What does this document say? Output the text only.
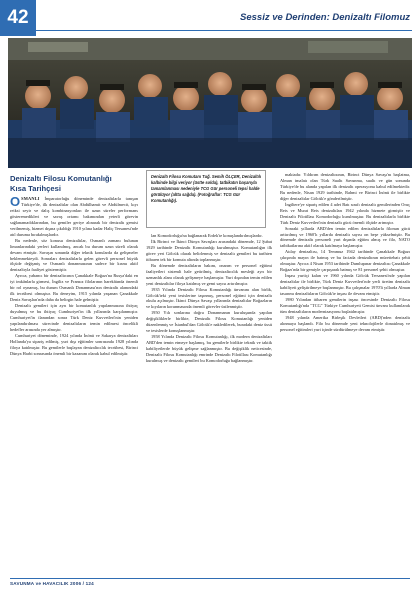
42	Sessiz ve Derinden: Denizaltı Filomuz
Denizaltı Filosu Komutanlığı
Kısa Tarihçesi
Denizaltı Filosu Komutanı Tuğ. Semih ÖLÇER, Denizaltılı kalbinde bilgi veriyor (üstte solda), tatbikatın başarıyla tamamlanması nedeniyle TCG Gür personeli tepsi halde görülüyor (altta sağda). (Fotoğraflar: TCG Gür Komutanlığı).

OSMANLI İmparatorluğu döneminde denizaltılarla tanışan Türkiye'de, ilk denizaltılar olan Abdülhamit ve Abdülmecit, kıyı reiksi seyir ve dalış kombinasyonları ile uzun süreler performans gösteremedikleri ve savaş ortamı bakımından yeterli görevin sağlanamadıklarından, bu gemiler geriye alınarak bir denizaltı gemisi verilmemiş, hizmet dışına çıkıldığı 1910 yılına kadar Haliç Tersanesi'nde atıl duruma bırakılmışlardır.

Bu nedenle, söz konusu denizaltılar, Osmanlı zamanı bulunan limanlarındaki yerleri kullanılmış, ancak bu durum uzun süreli olarak devam etmiştir. Savaşın sonunda diğer teknik konularda da gelişmeler beklenmekteydi. Sonraları denizaltılarla gelen görevli personel büyük ölçüde değişmiş ve Osmanlı donanmasının sadece bir kısmı aktif denizaltıyla faaliyet göstermiştir.

Ayrıca, yabancı bir denizaltıcının Çanakkale Boğazı'na Rusya'daki en iyi imkânlarla girmesi, İngiliz ve Fransız filolarının harekâtında önemli bir rol oynamış, bu durum Osmanlı Donanması'nın denizaltı alanındaki ilk tecrübesi olmuştur. Bu deneyim, 1915 yılında yaşanan Çanakkale Deniz Savaşları'nda daha da belirgin hale gelmiştir.

Denizaltı gemileri için ayrı bir komutanlık yapılanmasına ihtiyaç duyulmuş ve bu ihtiyaç Cumhuriyet'in ilk yıllarında karşılanmıştır. Cumhuriyet'in ilanından sonra Türk Deniz Kuvvetleri'nin yeniden yapılandırılması sürecinde denizaltıların temin edilmesi öncelikli hedefler arasında yer almıştır.

Cumhuriyet döneminde, 1924 yılında İnönü ve Sakarya denizaltıları Hollanda'ya sipariş edilmiş, yurt dışı eğitimler sonrasında 1928 yılında filoya katılmıştır. Bu gemilerle başlayan denizaltıcılık tecrübesi, Birinci Dünya Harbi sonrasında önemli bir kazanım olarak kabul edilmiştir.

lan Komodorluğu'na bağlanarak Erdek'te konuşlandırılmışlardır.

İlk Birinci ve İkinci Dünya Savaşları arasındaki dönemde, 12 Şubat 1929 tarihinde Denizaltı Komutanlığı kurulmuştur. Komutanlığın ilk görev yeri Gölcük olarak belirlenmiş ve denizaltı gemileri bu tarihten itibaren tek bir komuta altında toplanmıştır.

Bu dönemde denizaltıların bakım, onarım ve personel eğitimi faaliyetleri sistemli hale getirilmiş, denizaltıcılık mesleği ayrı bir uzmanlık alanı olarak gelişmeye başlamıştır. Yurt dışından temin edilen yeni denizaltılar filoya katılmış ve gemi sayısı artırılmıştır.

1935 Yılında Denizaltı Filosu Komutanlığı ünvanını alan birlik, Gölcük'teki yeni tesislerine taşınmış, personel eğitimi için denizaltı okulu açılmıştır. İkinci Dünya Savaşı yıllarında denizaltılar Boğazların ve kıyıların korunmasında önemli görevler üstlenmiştir.

1950 Yılı sonlarına doğru Donanmanın kuruluşunda yapılan değişikliklerle birlikte, Denizaltı Filosu Komutanlığı yeniden düzenlenmiş ve İstanbul'dan Gölcük'e nakledilerek, buradaki deniz üssü ve tesislerde konuşlanmıştır.

1958 Yılında Denizaltı Filosu Komutanlığı, ilk modern denizaltıları ABD'den temin etmeye başlamış, bu gemilerle birlikte teknik ve taktik kabiliyetlerde büyük gelişme sağlanmıştır. Bu değişiklik neticesinde, Denizaltı Filosu Komutanlığı emrinde Denizaltı Filotillası Komutanlığı kurulmuş ve denizaltı gemileri bu Komodorluğa bağlanmıştır.

maktadır. Yıldırım denizaltısının, Birinci Dünya Savaşı'nı başlatma, Alman imalatı olan Türk Sualtı Savunma, sualtı ve gün sonunda Türkiye'de bu alanda yapılan ilk denizaltı operasyonu kabul edilmektedir. Bu nedenle, Nisan 1929 tarihinde, Rahmi ve Birinci İnönü ile birlikte diğer denizaltılar Gölcük'e gönderilmiştir.

İngiltere'ye sipariş edilen 4 adet Batı sınıfı denizaltı gemilerinden Oruç Reis ve Murat Reis denizaltıları 1942 yılında hizmete girmiştir ve Denizaltı Filotillası Komodorluğu kurulmuştur. Bu denizaltılarla birlikte Türk Deniz Kuvvetleri'nin denizaltı gücü önemli ölçüde artmıştır.

Sonraki yıllarda ABD'den temin edilen denizaltılarla filonun gücü arttırılmış ve 1960'lı yıllarda denizaltı sayısı on beşe yükselmiştir. Bu dönemde denizaltı personeli yurt dışında eğitim almış ve filo, NATO tatbikatlarına aktif olarak katılmaya başlamıştır.

Atılay denizaltısı, 14 Temmuz 1942 tarihinde Çanakkale Boğazı çıkışında mayın ile batmış ve bu faciada denizaltının mürettebatı şehit olmuştur. Ayrıca 4 Nisan 1953 tarihinde Dumlupınar denizaltısı Çanakkale Boğazı'nda bir gemiyle çarpışarak batmış ve 81 personel şehit olmuştur.

İnşası yurtiçi kalan ve 1960 yılında Gölcük Tersanesi'nde yapılan denizaltılar ile birlikte, Türk Deniz Kuvvetleri'nde yerli üretim denizaltı kabiliyeti geliştirilmeye başlanmıştır. Bu çalışmalar 1970'li yıllarda Alman tasarımı denizaltıların Gölcük'te inşası ile devam etmiştir.

1980 Yılından itibaren gemilerin inşası öncesinde Denizaltı Filosu Komutanlığı'nda "TCG" Türkiye Cumhuriyeti Gemisi ünvanı kullanılarak tüm denizaltıların modernizasyonu başlatılmıştır.

1948 yılında Amerika Birleşik Devletleri (ABD)'nden denizaltı alınmaya başlandı. Filo bu dönemde yeni teknolojilerle donatılmış ve personel eğitimleri yurt içinde sürdürülmeye devam etmiştir.

SAVUNMA ve HAVACILIK 2006 / 124
